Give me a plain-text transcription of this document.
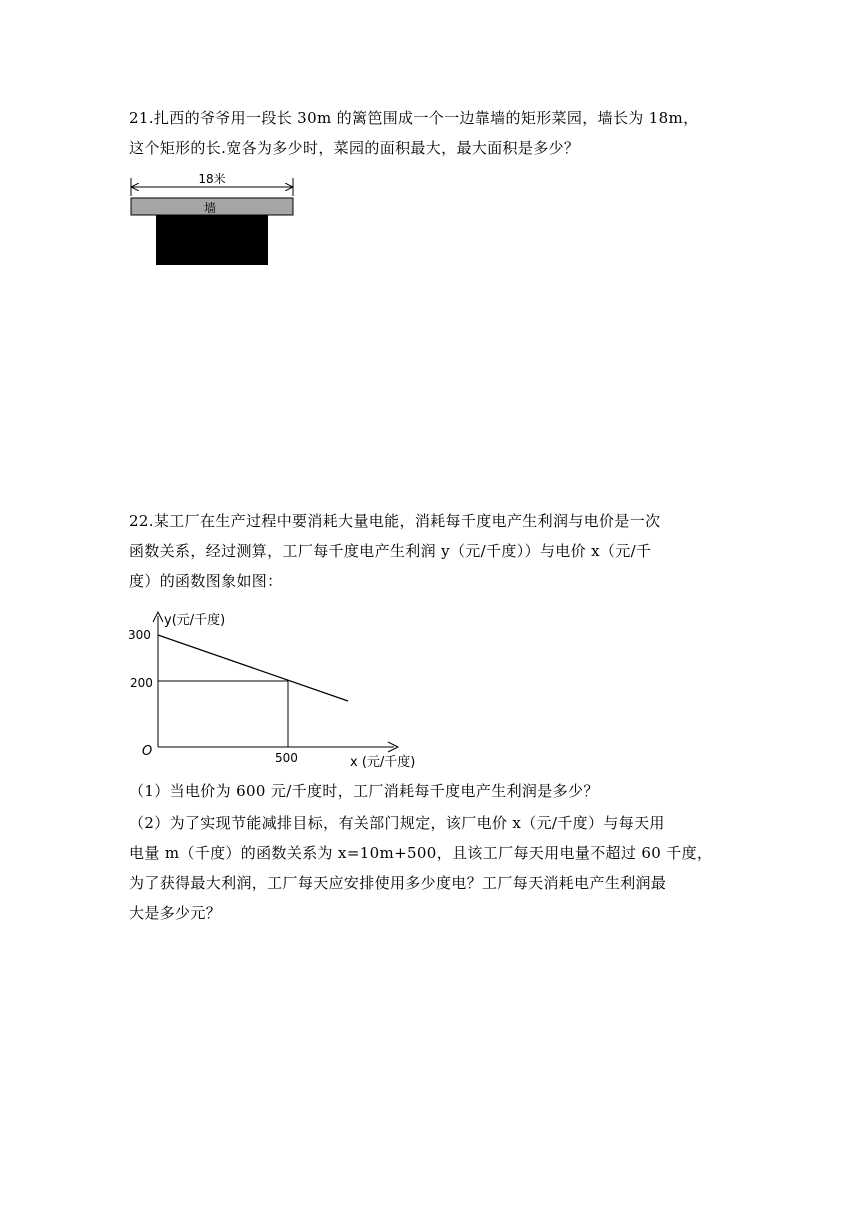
21.扎西的爷爷用一段长 30m 的篱笆围成一个一边靠墙的矩形菜园，墙长为 18m，
这个矩形的长.宽各为多少时，菜园的面积最大，最大面积是多少？
18米
墙
22.某工厂在生产过程中要消耗大量电能，消耗每千度电产生利润与电价是一次
函数关系，经过测算，工厂每千度电产生利润 y（元/千度））与电价 x（元/千
度）的函数图象如图：
y(元/千度)
300
200
O	500	x (元/千度)
（1）当电价为 600 元/千度时，工厂消耗每千度电产生利润是多少？
（2）为了实现节能减排目标，有关部门规定，该厂电价 x（元/千度）与每天用
电量 m（千度）的函数关系为 x=10m+500，且该工厂每天用电量不超过 60 千度，
为了获得最大利润，工厂每天应安排使用多少度电？工厂每天消耗电产生利润最
大是多少元？
